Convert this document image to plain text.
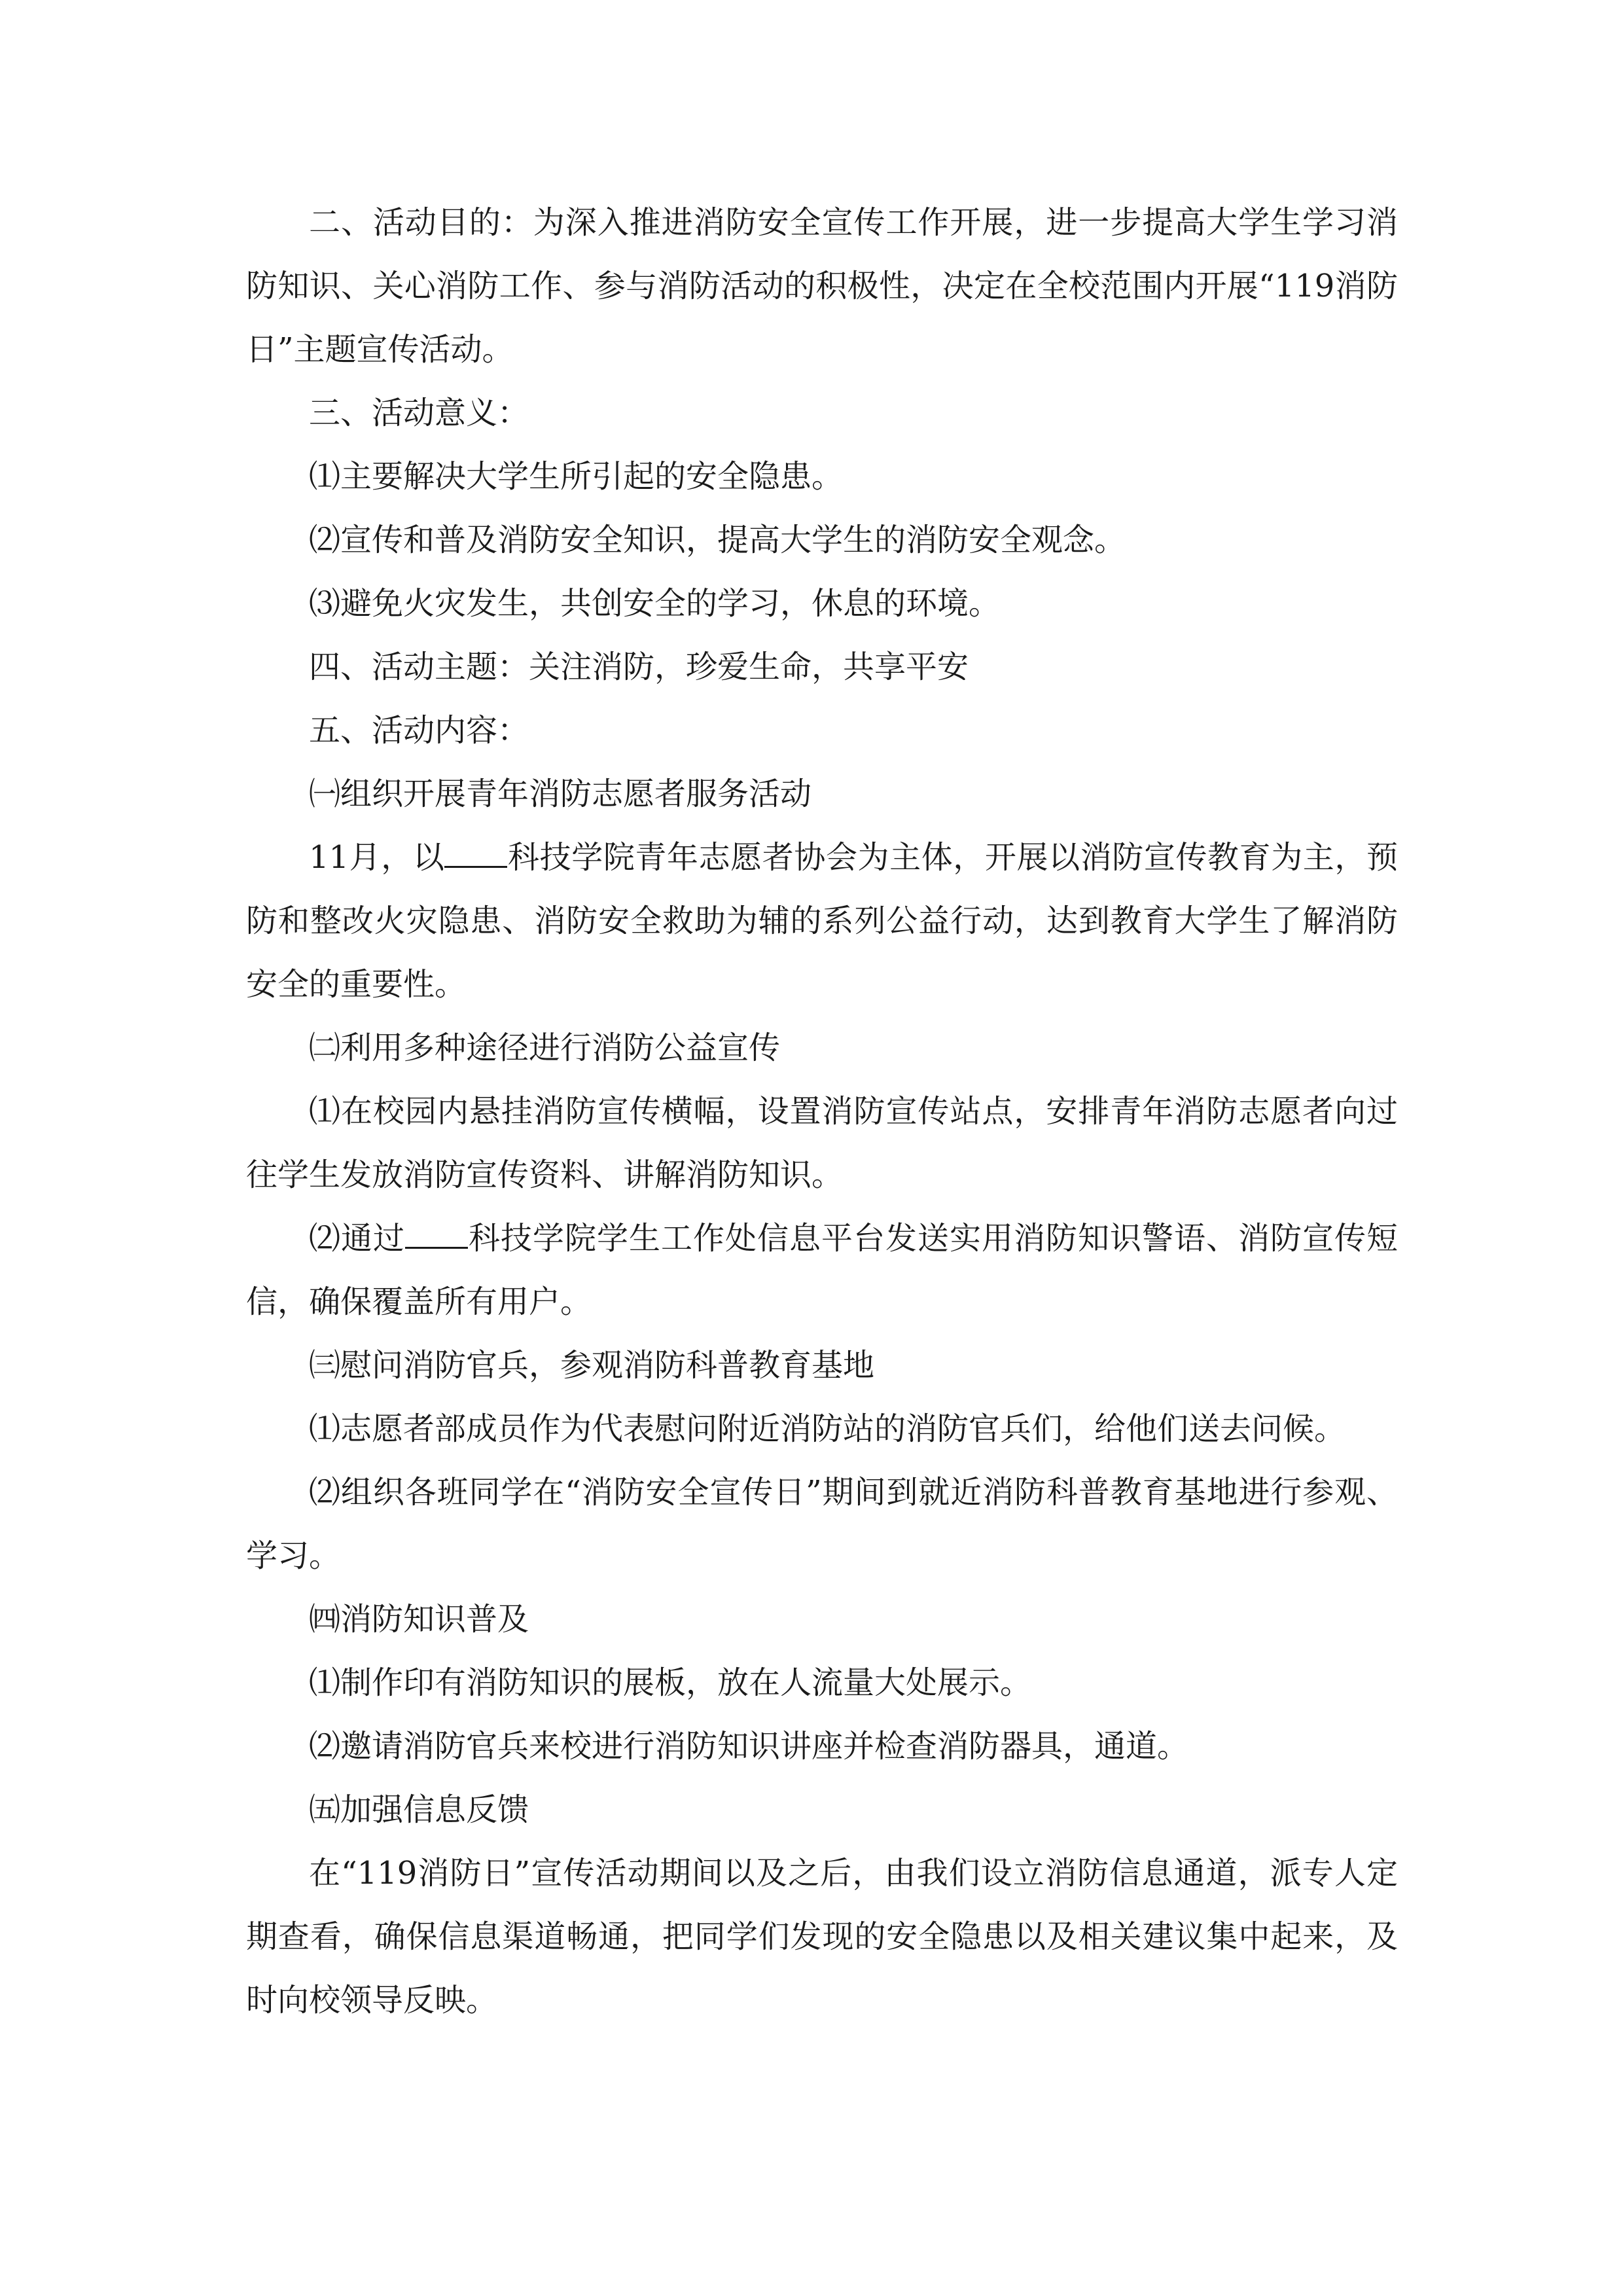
二、活动目的：为深入推进消防安全宣传工作开展，进一步提高大学生学习消防知识、关心消防工作、参与消防活动的积极性，决定在全校范围内开展“119消防日”主题宣传活动。

三、活动意义：

⑴主要解决大学生所引起的安全隐患。

⑵宣传和普及消防安全知识，提高大学生的消防安全观念。

⑶避免火灾发生，共创安全的学习，休息的环境。

四、活动主题：关注消防，珍爱生命，共享平安

五、活动内容：

㈠组织开展青年消防志愿者服务活动

11月，以 科技学院青年志愿者协会为主体，开展以消防宣传教育为主，预防和整改火灾隐患、消防安全救助为辅的系列公益行动，达到教育大学生了解消防安全的重要性。

㈡利用多种途径进行消防公益宣传

⑴在校园内悬挂消防宣传横幅，设置消防宣传站点，安排青年消防志愿者向过往学生发放消防宣传资料、讲解消防知识。

⑵通过 科技学院学生工作处信息平台发送实用消防知识警语、消防宣传短信，确保覆盖所有用户。

㈢慰问消防官兵，参观消防科普教育基地

⑴志愿者部成员作为代表慰问附近消防站的消防官兵们，给他们送去问候。

⑵组织各班同学在“消防安全宣传日”期间到就近消防科普教育基地进行参观、学习。

㈣消防知识普及

⑴制作印有消防知识的展板，放在人流量大处展示。

⑵邀请消防官兵来校进行消防知识讲座并检查消防器具，通道。

㈤加强信息反馈

在“119消防日”宣传活动期间以及之后，由我们设立消防信息通道，派专人定期查看，确保信息渠道畅通，把同学们发现的安全隐患以及相关建议集中起来，及时向校领导反映。
